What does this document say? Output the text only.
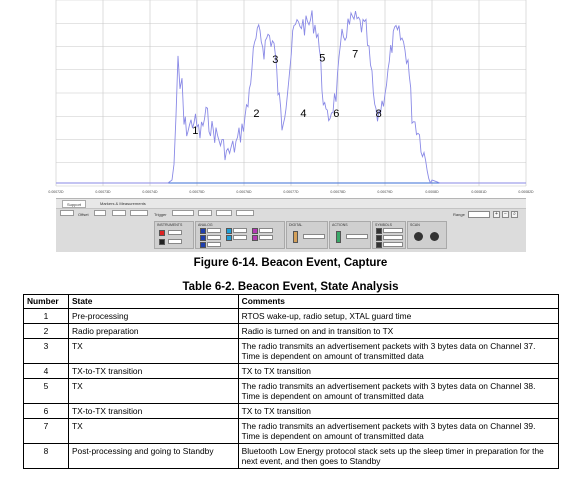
1
2
3
4
5
6
7
8
0.00072D	0.00073D	0.00074D	0.00075D	0.00076D	0.00077D	0.00078D	0.00079D	0.0008D	0.00081D	0.00082D
Support	Markers & Measurements
Offset	Trigger	Range	+	−	⌕
INSTRUMENTS	ANALOG	DIGITAL	ACTIONS	SYMBOLS	SCAN
Figure 6-14. Beacon Event, Capture
Table 6-2. Beacon Event, State Analysis
Number	State	Comments
1	Pre-processing	RTOS wake-up, radio setup, XTAL guard time

2	Radio preparation	Radio is turned on and in transition to TX

3	TX	The radio transmits an advertisement packets with 3 bytes data on Channel 37.
Time is dependent on amount of transmitted data

4	TX-to-TX transition	TX to TX transition

5	TX	The radio transmits an advertisement packets with 3 bytes data on Channel 38.
Time is dependent on amount of transmitted data

6	TX-to-TX transition	TX to TX transition

7	TX	The radio transmits an advertisement packets with 3 bytes data on Channel 39.
Time is dependent on amount of transmitted data

8	Post-processing and going to Standby	Bluetooth Low Energy protocol stack sets up the sleep timer in preparation for the
next event, and then goes to Standby
